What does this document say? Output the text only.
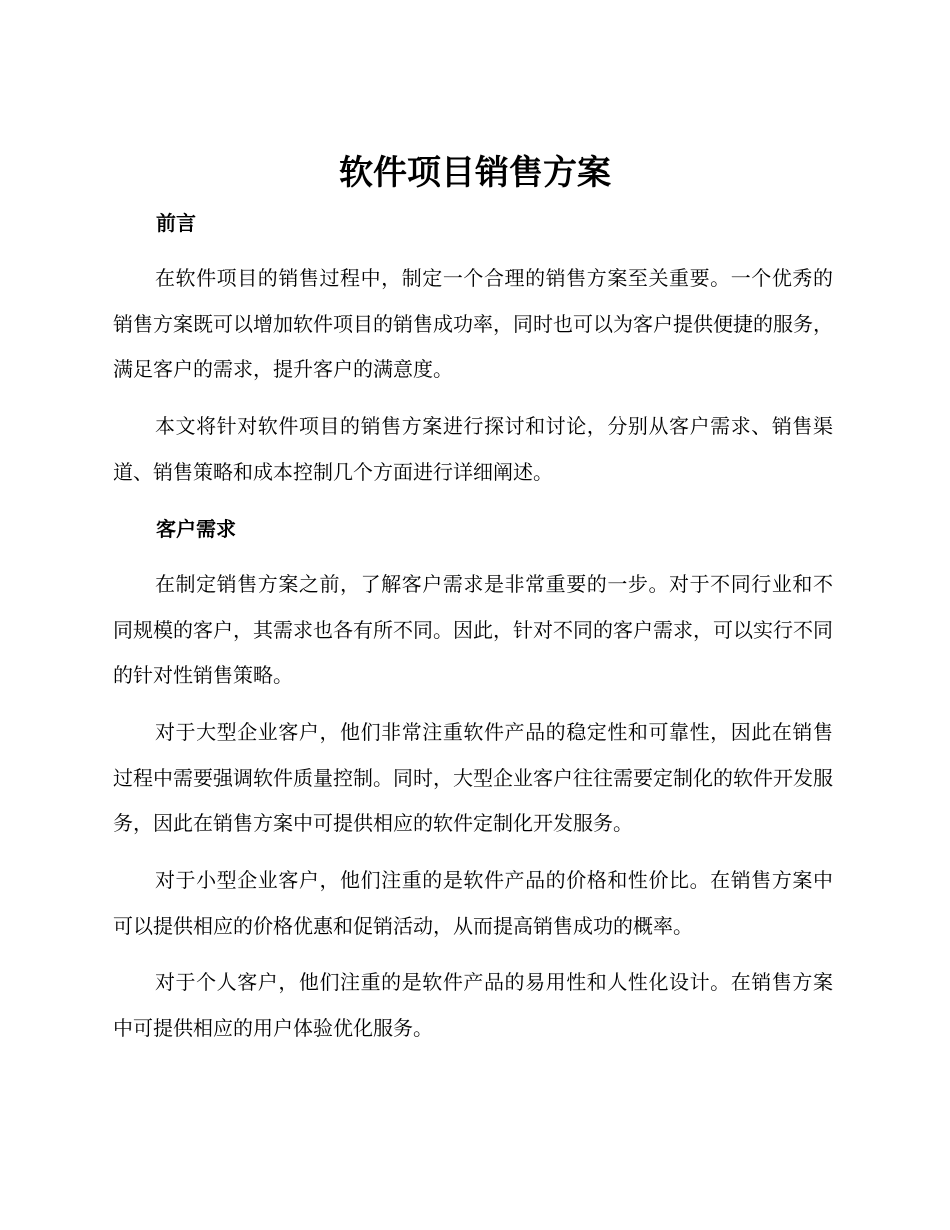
软件项目销售方案
前言

在软件项目的销售过程中，制定一个合理的销售方案至关重要。一个优秀的销售方案既可以增加软件项目的销售成功率，同时也可以为客户提供便捷的服务，满足客户的需求，提升客户的满意度。

本文将针对软件项目的销售方案进行探讨和讨论，分别从客户需求、销售渠道、销售策略和成本控制几个方面进行详细阐述。

客户需求

在制定销售方案之前，了解客户需求是非常重要的一步。对于不同行业和不同规模的客户，其需求也各有所不同。因此，针对不同的客户需求，可以实行不同的针对性销售策略。

对于大型企业客户，他们非常注重软件产品的稳定性和可靠性，因此在销售过程中需要强调软件质量控制。同时，大型企业客户往往需要定制化的软件开发服务，因此在销售方案中可提供相应的软件定制化开发服务。

对于小型企业客户，他们注重的是软件产品的价格和性价比。在销售方案中可以提供相应的价格优惠和促销活动，从而提高销售成功的概率。

对于个人客户，他们注重的是软件产品的易用性和人性化设计。在销售方案中可提供相应的用户体验优化服务。
